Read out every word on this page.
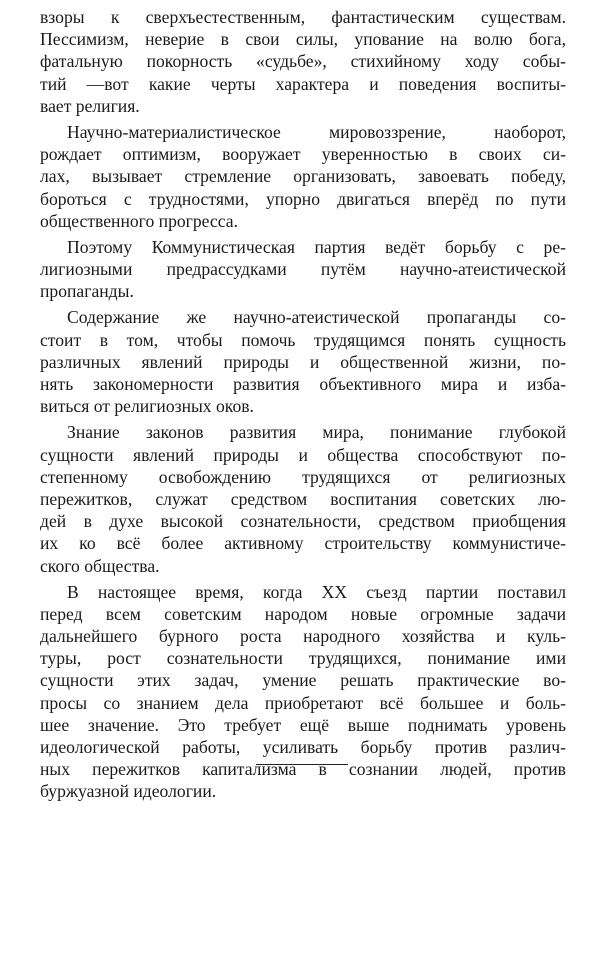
взоры к сверхъестественным, фантастическим существам.
Пессимизм, неверие в свои силы, упование на волю бога,
фатальную покорность «судьбе», стихийному ходу собы-
тий —вот какие черты характера и поведения воспиты-
вает религия.
Научно-материалистическое мировоззрение, наоборот,
рождает оптимизм, вооружает уверенностью в своих си-
лах, вызывает стремление организовать, завоевать победу,
бороться с трудностями, упорно двигаться вперёд по пути
общественного прогресса.
Поэтому Коммунистическая партия ведёт борьбу с ре-
лигиозными предрассудками путём научно-атеистической
пропаганды.
Содержание же научно-атеистической пропаганды со-
стоит в том, чтобы помочь трудящимся понять сущность
различных явлений природы и общественной жизни, по-
нять закономерности развития объективного мира и изба-
виться от религиозных оков.
Знание законов развития мира, понимание глубокой
сущности явлений природы и общества способствуют по-
степенному освобождению трудящихся от религиозных
пережитков, служат средством воспитания советских лю-
дей в духе высокой сознательности, средством приобщения
их ко всё более активному строительству коммунистиче-
ского общества.
В настоящее время, когда XX съезд партии поставил
перед всем советским народом новые огромные задачи
дальнейшего бурного роста народного хозяйства и куль-
туры, рост сознательности трудящихся, понимание ими
сущности этих задач, умение решать практические во-
просы со знанием дела приобретают всё большее и боль-
шее значение. Это требует ещё выше поднимать уровень
идеологической работы, усиливать борьбу против различ-
ных пережитков капитализма в сознании людей, против
буржуазной идеологии.
